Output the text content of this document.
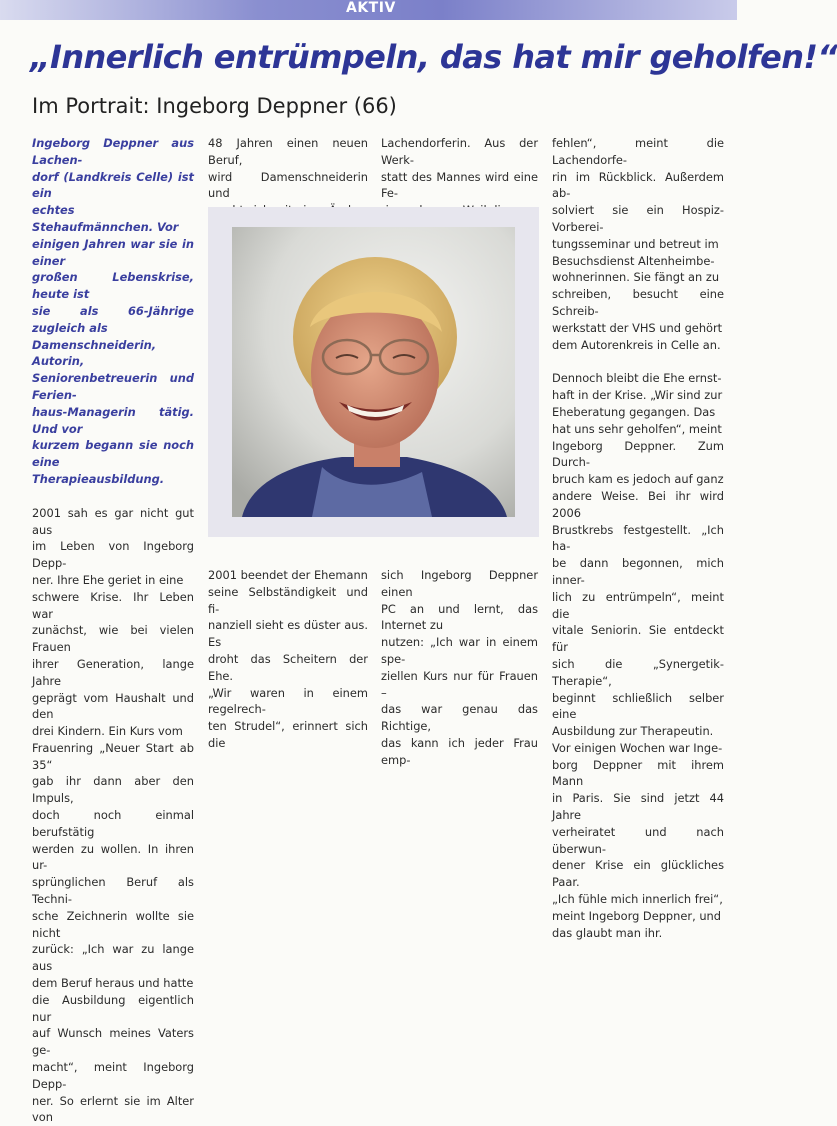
AKTIV
„Innerlich entrümpeln, das hat mir geholfen!“
Im Portrait: Ingeborg Deppner (66)

Ingeborg Deppner aus Lachen-

dorf (Landkreis Celle) ist ein

echtes Stehaufmännchen. Vor

einigen Jahren war sie in einer

großen Lebenskrise, heute ist

sie als 66-Jährige zugleich als

Damenschneiderin, Autorin,

Seniorenbetreuerin und Ferien-

haus-Managerin tätig. Und vor

kurzem begann sie noch eine

Therapieausbildung.

2001 sah es gar nicht gut aus

im Leben von Ingeborg Depp-

ner. Ihre Ehe geriet in eine

schwere Krise. Ihr Leben war

zunächst, wie bei vielen Frauen

ihrer Generation, lange Jahre

geprägt vom Haushalt und den

drei Kindern. Ein Kurs vom

Frauenring „Neuer Start ab 35“

gab ihr dann aber den Impuls,

doch noch einmal berufstätig

werden zu wollen. In ihren ur-

sprünglichen Beruf als Techni-

sche Zeichnerin wollte sie nicht

zurück: „Ich war zu lange aus

dem Beruf heraus und hatte

die Ausbildung eigentlich nur

auf Wunsch meines Vaters ge-

macht“, meint Ingeborg Depp-

ner. So erlernt sie im Alter von

48 Jahren einen neuen Beruf,

wird Damenschneiderin und

Lachendorferin. Aus der Werk-

statt des Mannes wird eine Fe-

2001 beendet der Ehemann

seine Selbständigkeit und fi-

nanziell sieht es düster aus. Es

droht das Scheitern der Ehe.

„Wir waren in einem regelrech-

ten Strudel“, erinnert sich die

sich Ingeborg Deppner einen

PC an und lernt, das Internet zu

nutzen: „Ich war in einem spe-

ziellen Kurs nur für Frauen –

das war genau das Richtige,

das kann ich jeder Frau emp-

fehlen“, meint die Lachendorfe-

rin im Rückblick. Außerdem ab-

solviert sie ein Hospiz-Vorberei-

tungsseminar und betreut im

Besuchsdienst Altenheimbe-

wohnerinnen. Sie fängt an zu

schreiben, besucht eine Schreib-

werkstatt der VHS und gehört

dem Autorenkreis in Celle an.

Dennoch bleibt die Ehe ernst-

haft in der Krise. „Wir sind zur

Eheberatung gegangen. Das

hat uns sehr geholfen“, meint

Ingeborg Deppner. Zum Durch-

bruch kam es jedoch auf ganz

andere Weise. Bei ihr wird 2006

Brustkrebs festgestellt. „Ich ha-

be dann begonnen, mich inner-

lich zu entrümpeln“, meint die

vitale Seniorin. Sie entdeckt für

sich die „Synergetik-Therapie“,

beginnt schließlich selber eine

Ausbildung zur Therapeutin.

Vor einigen Wochen war Inge-

borg Deppner mit ihrem Mann

in Paris. Sie sind jetzt 44 Jahre

verheiratet und nach überwun-

dener Krise ein glückliches Paar.

„Ich fühle mich innerlich frei“,

meint Ingeborg Deppner, und

das glaubt man ihr.
